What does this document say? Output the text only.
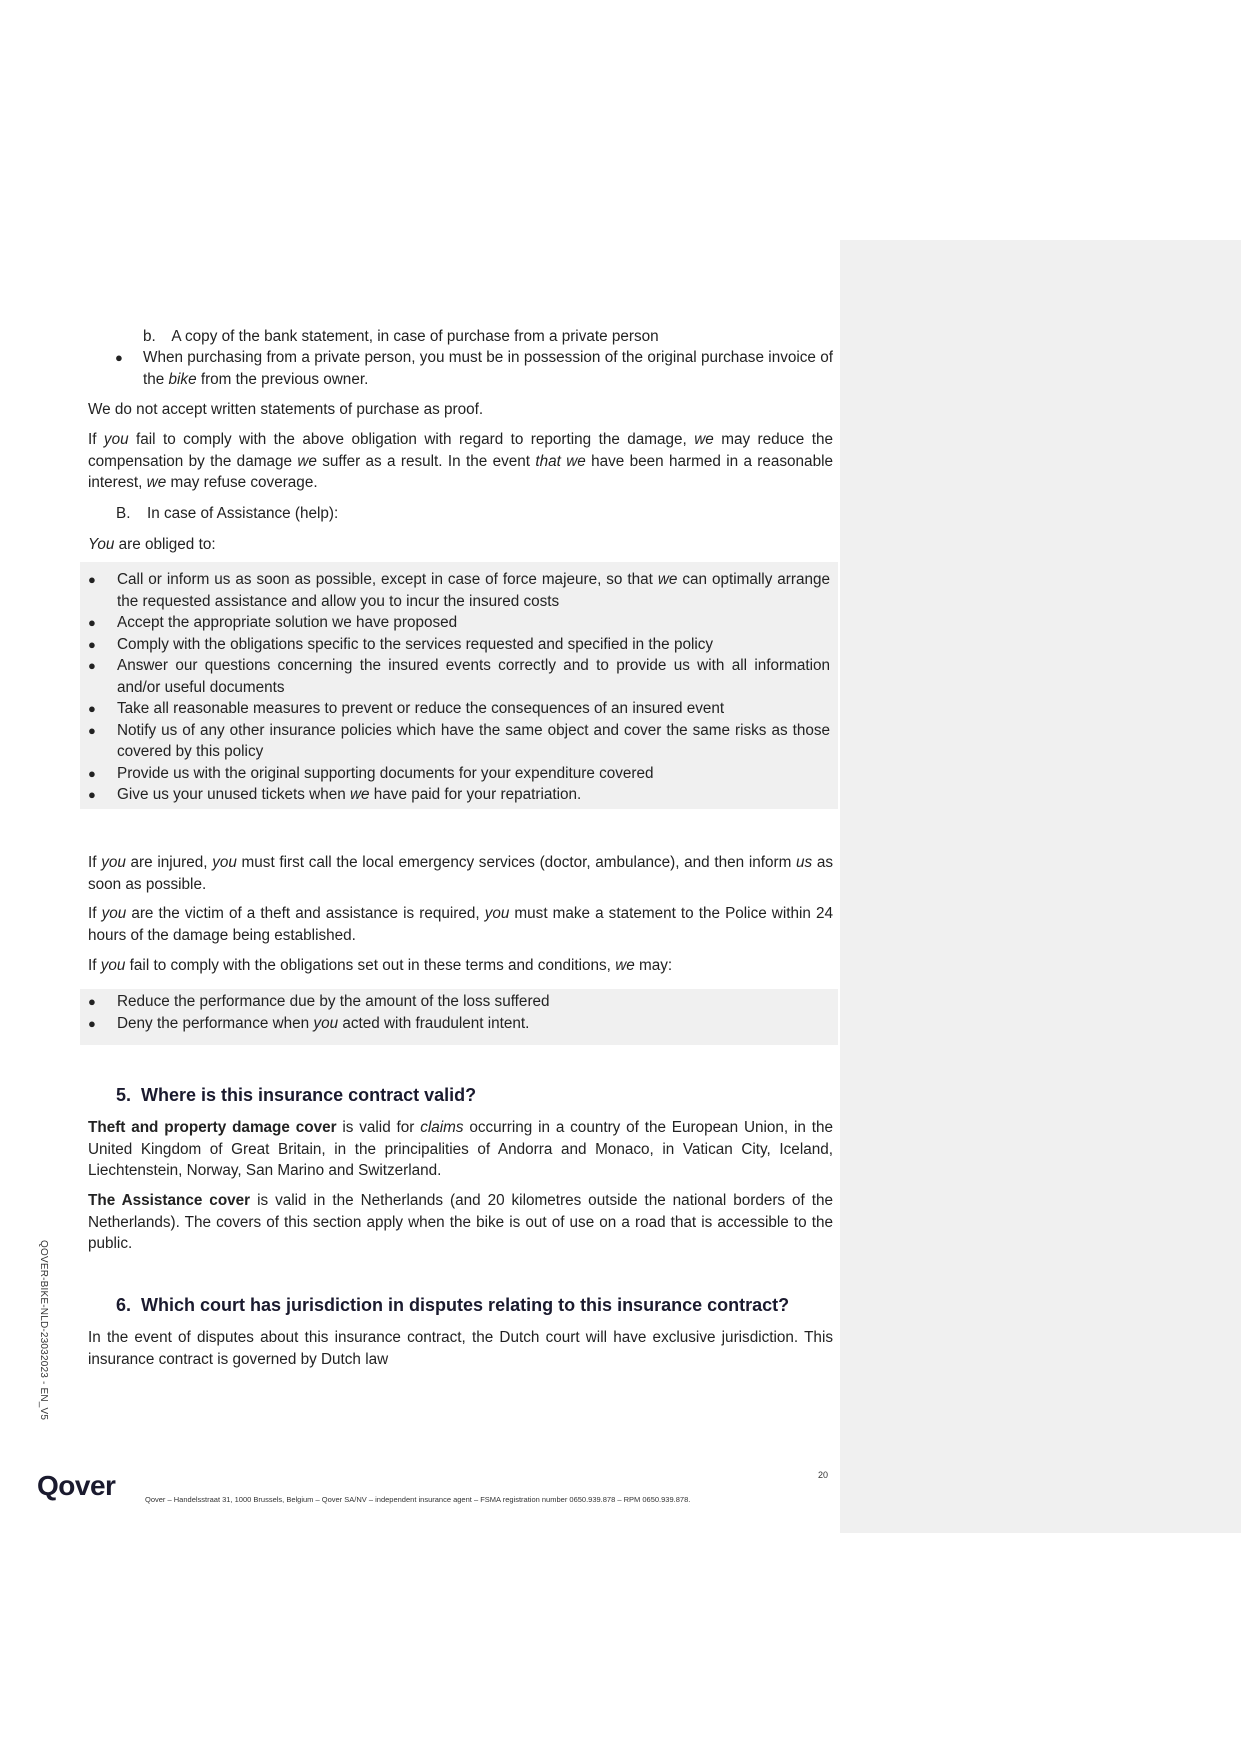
b. A copy of the bank statement, in case of purchase from a private person
● When purchasing from a private person, you must be in possession of the original purchase invoice of
the bike from the previous owner.
We do not accept written statements of purchase as proof.
If you fail to comply with the above obligation with regard to reporting the damage, we may reduce the compensation by the damage we suffer as a result. In the event that we have been harmed in a reasonable interest, we may refuse coverage.
B. In case of Assistance (help):
You are obliged to:
●	Call or inform us as soon as possible, except in case of force majeure, so that we can optimally arrange the requested assistance and allow you to incur the insured costs
●	Accept the appropriate solution we have proposed
●	Comply with the obligations specific to the services requested and specified in the policy
●	Answer our questions concerning the insured events correctly and to provide us with all information and/or useful documents
●	Take all reasonable measures to prevent or reduce the consequences of an insured event
●	Notify us of any other insurance policies which have the same object and cover the same risks as those covered by this policy
●	Provide us with the original supporting documents for your expenditure covered
●	Give us your unused tickets when we have paid for your repatriation.
If you are injured, you must first call the local emergency services (doctor, ambulance), and then inform us as soon as possible.
If you are the victim of a theft and assistance is required, you must make a statement to the Police within 24 hours of the damage being established.
If you fail to comply with the obligations set out in these terms and conditions, we may:
●	Reduce the performance due by the amount of the loss suffered
●	Deny the performance when you acted with fraudulent intent.
5. Where is this insurance contract valid?
Theft and property damage cover is valid for claims occurring in a country of the European Union, in the United Kingdom of Great Britain, in the principalities of Andorra and Monaco, in Vatican City, Iceland, Liechtenstein, Norway, San Marino and Switzerland.
The Assistance cover is valid in the Netherlands (and 20 kilometres outside the national borders of the Netherlands). The covers of this section apply when the bike is out of use on a road that is accessible to the public.
6. Which court has jurisdiction in disputes relating to this insurance contract?
In the event of disputes about this insurance contract, the Dutch court will have exclusive jurisdiction. This insurance contract is governed by Dutch law
QOVER-BIKE-NLD-23032023 - EN_V5
20
Qover	Qover – Handelsstraat 31, 1000 Brussels, Belgium – Qover SA/NV – independent insurance agent – FSMA registration number 0650.939.878 – RPM 0650.939.878.
